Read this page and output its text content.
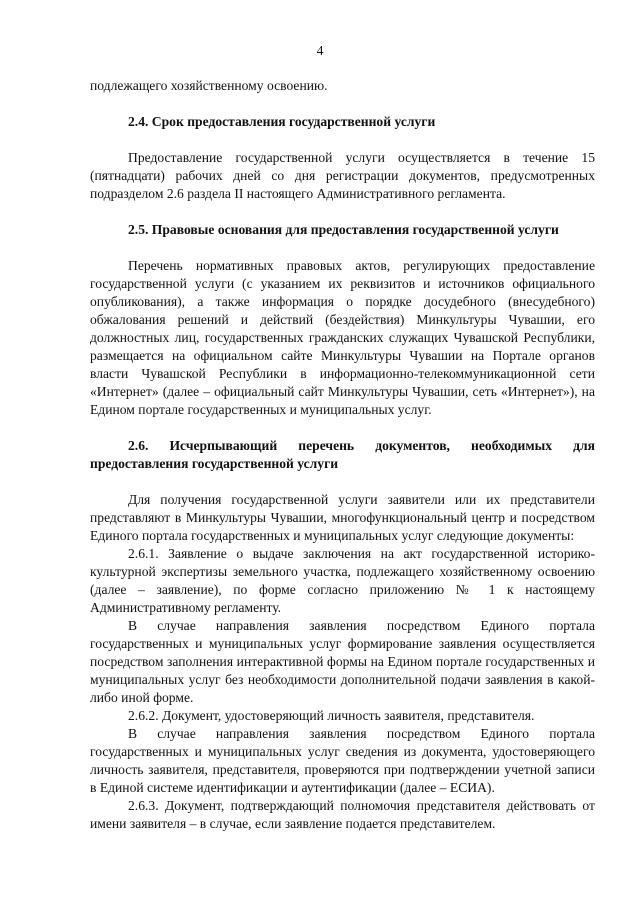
4

подлежащего хозяйственному освоению.

2.4. Срок предоставления государственной услуги

Предоставление государственной услуги осуществляется в течение 15 (пятнадцати) рабочих дней со дня регистрации документов, предусмотренных подразделом 2.6 раздела II настоящего Административного регламента.

2.5. Правовые основания для предоставления государственной услуги

Перечень нормативных правовых актов, регулирующих предоставление государственной услуги (с указанием их реквизитов и источников официального опубликования), а также информация о порядке досудебного (внесудебного) обжалования решений и действий (бездействия) Минкультуры Чувашии, его должностных лиц, государственных гражданских служащих Чувашской Республики, размещается на официальном сайте Минкультуры Чувашии на Портале органов власти Чувашской Республики в информационно-телекоммуникационной сети «Интернет» (далее – официальный сайт Минкультуры Чувашии, сеть «Интернет»), на Едином портале государственных и муниципальных услуг.

2.6. Исчерпывающий перечень документов, необходимых для предоставления государственной услуги

Для получения государственной услуги заявители или их представители представляют в Минкультуры Чувашии, многофункциональный центр и посредством Единого портала государственных и муниципальных услуг следующие документы:

2.6.1. Заявление о выдаче заключения на акт государственной историко-культурной экспертизы земельного участка, подлежащего хозяйственному освоению (далее – заявление), по форме согласно приложению № 1 к настоящему Административному регламенту.

В случае направления заявления посредством Единого портала государственных и муниципальных услуг формирование заявления осуществляется посредством заполнения интерактивной формы на Едином портале государственных и муниципальных услуг без необходимости дополнительной подачи заявления в какой-либо иной форме.

2.6.2. Документ, удостоверяющий личность заявителя, представителя.

В случае направления заявления посредством Единого портала государственных и муниципальных услуг сведения из документа, удостоверяющего личность заявителя, представителя, проверяются при подтверждении учетной записи в Единой системе идентификации и аутентификации (далее – ЕСИА).

2.6.3. Документ, подтверждающий полномочия представителя действовать от имени заявителя – в случае, если заявление подается представителем.
